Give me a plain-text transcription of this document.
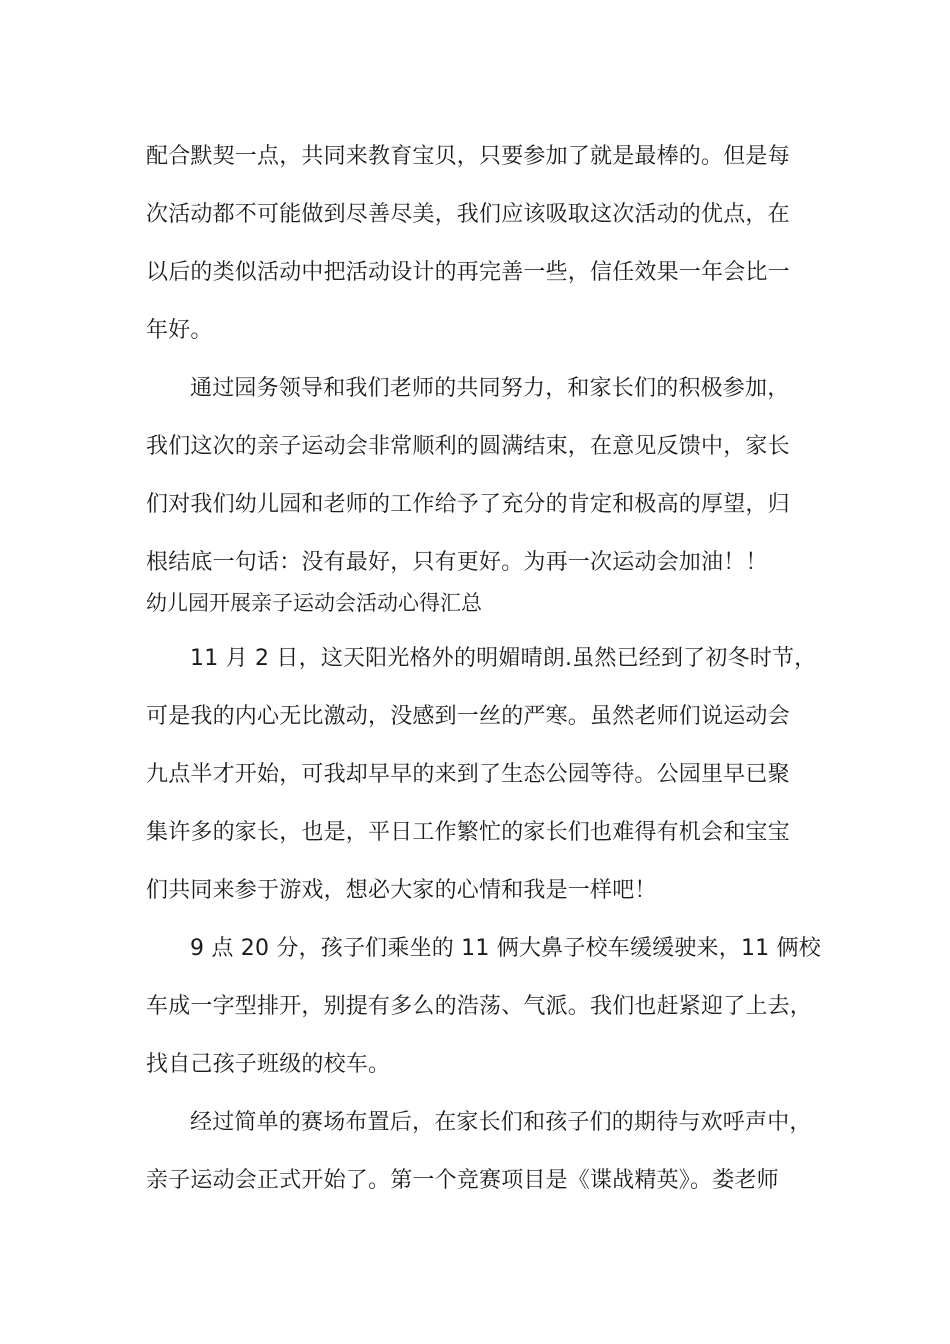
配合默契一点，共同来教育宝贝，只要参加了就是最棒的。但是每
次活动都不可能做到尽善尽美，我们应该吸取这次活动的优点，在
以后的类似活动中把活动设计的再完善一些，信任效果一年会比一
年好。
通过园务领导和我们老师的共同努力，和家长们的积极参加，
我们这次的亲子运动会非常顺利的圆满结束，在意见反馈中，家长
们对我们幼儿园和老师的工作给予了充分的肯定和极高的厚望，归
根结底一句话：没有最好，只有更好。为再一次运动会加油！！
幼儿园开展亲子运动会活动心得汇总
11 月 2 日，这天阳光格外的明媚晴朗.虽然已经到了初冬时节，
可是我的内心无比激动，没感到一丝的严寒。虽然老师们说运动会
九点半才开始，可我却早早的来到了生态公园等待。公园里早已聚
集许多的家长，也是，平日工作繁忙的家长们也难得有机会和宝宝
们共同来参于游戏，想必大家的心情和我是一样吧！
9 点 20 分，孩子们乘坐的 11 俩大鼻子校车缓缓驶来，11 俩校
车成一字型排开，别提有多么的浩荡、气派。我们也赶紧迎了上去，
找自己孩子班级的校车。
经过简单的赛场布置后，在家长们和孩子们的期待与欢呼声中，
亲子运动会正式开始了。第一个竞赛项目是《谍战精英》。娄老师
